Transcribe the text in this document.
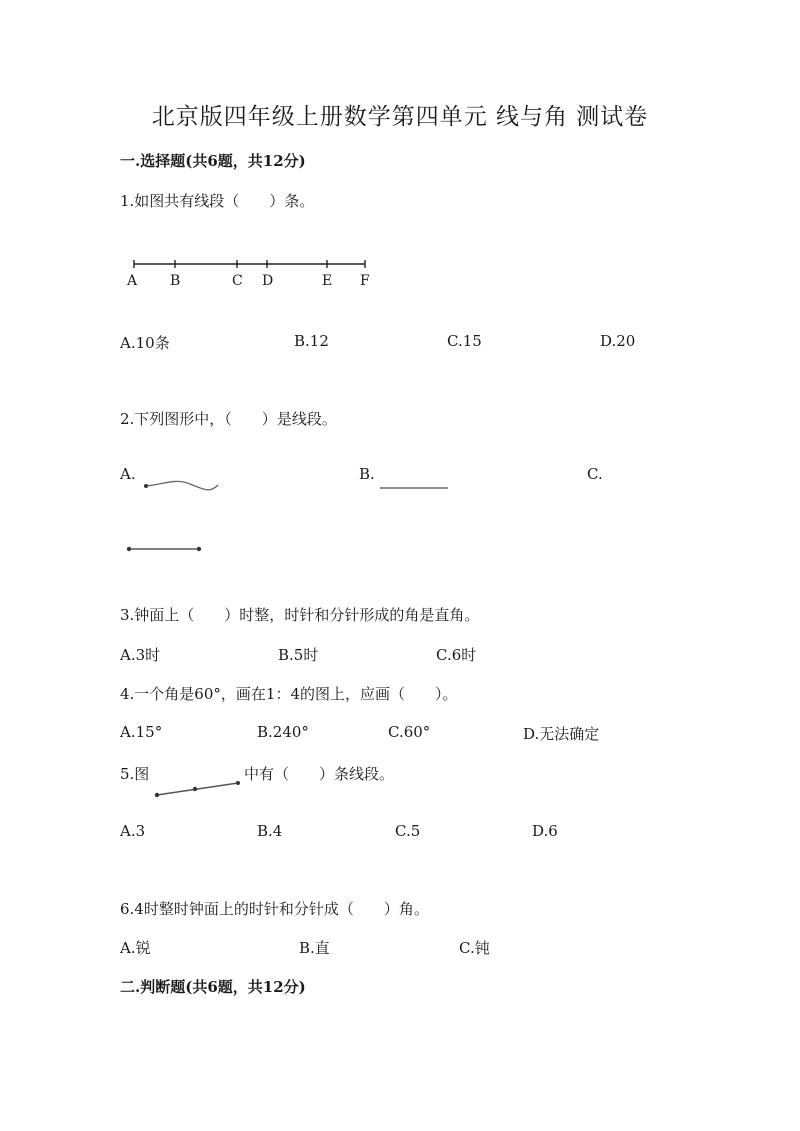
北京版四年级上册数学第四单元 线与角 测试卷
一.选择题(共6题，共12分)
1.如图共有线段（　　）条。
A B	C D	E F
A.10条	B.12	C.15	D.20
2.下列图形中，（　　）是线段。
A.	B.	C.
3.钟面上（　　）时整，时针和分针形成的角是直角。
A.3时	B.5时	C.6时
4.一个角是60°，画在1：4的图上，应画（　　）。
A.15°	B.240°	C.60°	D.无法确定
5.图	中有（　　）条线段。
A.3	B.4	C.5	D.6
6.4时整时钟面上的时针和分针成（　　）角。
A.锐	B.直	C.钝
二.判断题(共6题，共12分)
